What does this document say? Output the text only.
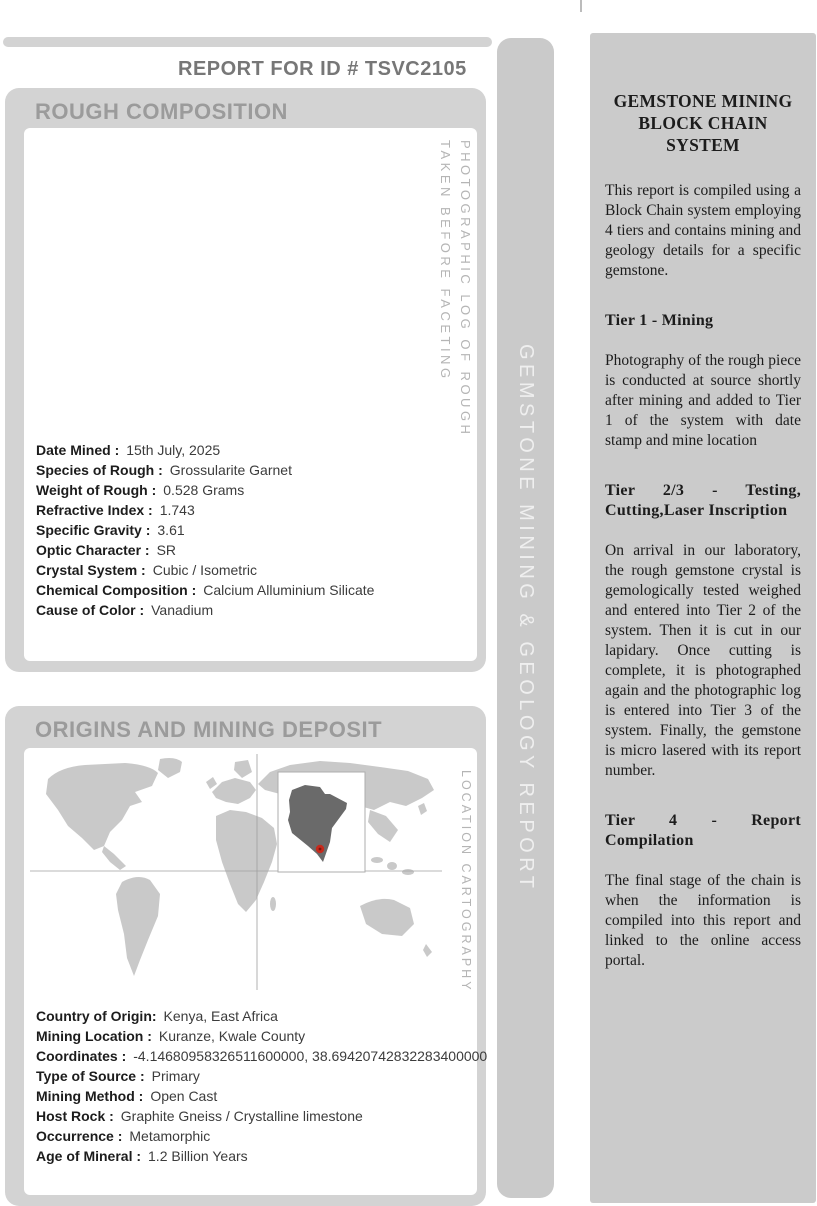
REPORT FOR ID # TSVC2105
ROUGH COMPOSITION
PHOTOGRAPHIC LOG OF ROUGH
TAKEN BEFORE FACETING
Date Mined : 15th July, 2025
Species of Rough : Grossularite Garnet
Weight of Rough : 0.528 Grams
Refractive Index : 1.743
Specific Gravity : 3.61
Optic Character : SR
Crystal System : Cubic / Isometric
Chemical Composition : Calcium Alluminium Silicate
Cause of Color : Vanadium
ORIGINS AND MINING DEPOSIT
LOCATION CARTOGRAPHY
Country of Origin: Kenya, East Africa
Mining Location : Kuranze, Kwale County
Coordinates : -4.14680958326511600000, 38.69420742832283400000
Type of Source : Primary
Mining Method : Open Cast
Host Rock : Graphite Gneiss / Crystalline limestone
Occurrence : Metamorphic
Age of Mineral : 1.2 Billion Years
GEMSTONE MINING & GEOLOGY REPORT
GEMSTONE MINING BLOCK CHAIN SYSTEM

This report is compiled using a Block Chain system employing 4 tiers and contains mining and geology details for a specific gemstone.

Tier 1 - Mining

Photography of the rough piece is conducted at source shortly after mining and added to Tier 1 of the system with date stamp and mine location

Tier 2/3 - Testing, Cutting,Laser Inscription

On arrival in our laboratory, the rough gemstone crystal is gemologically tested weighed and entered into Tier 2 of the system. Then it is cut in our lapidary. Once cutting is complete, it is photographed again and the photographic log is entered into Tier 3 of the system. Finally, the gemstone is micro lasered with its report number.

Tier 4 - Report Compilation

The final stage of the chain is when the information is compiled into this report and linked to the online access portal.
